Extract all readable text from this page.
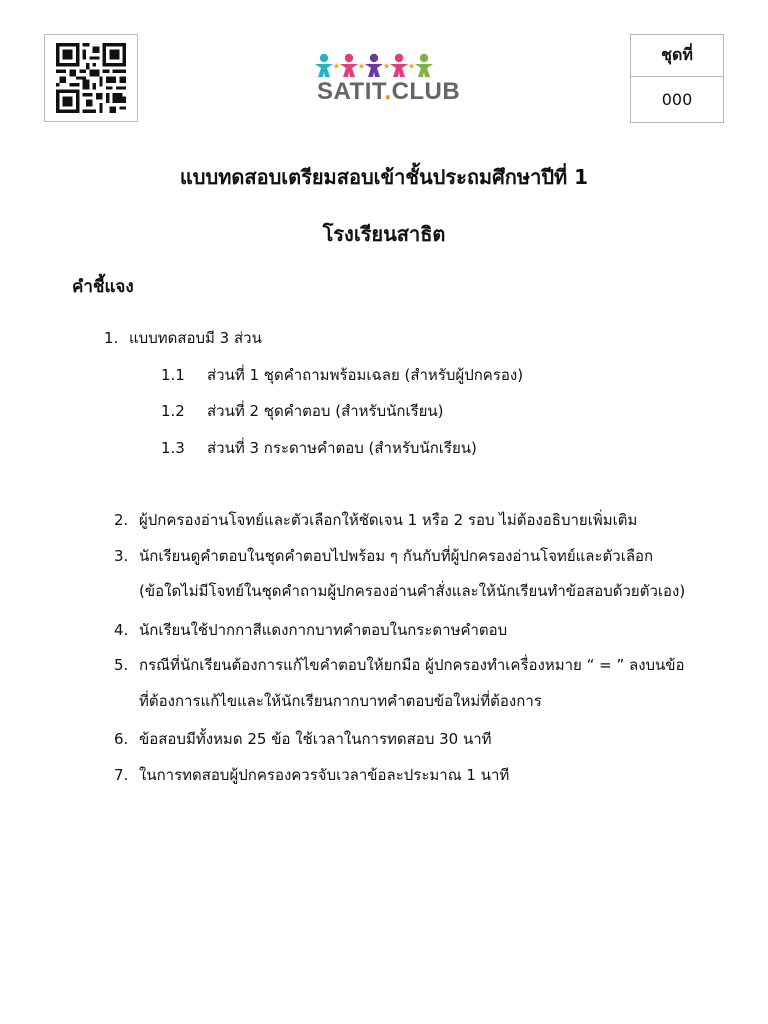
SATIT.CLUB
ชุดที่
000
แบบทดสอบเตรียมสอบเข้าชั้นประถมศึกษาปีที่ 1
โรงเรียนสาธิต
คำชี้แจง
1. แบบทดสอบมี 3 ส่วน
1.1 ส่วนที่ 1 ชุดคำถามพร้อมเฉลย (สำหรับผู้ปกครอง)
1.2 ส่วนที่ 2 ชุดคำตอบ (สำหรับนักเรียน)
1.3 ส่วนที่ 3 กระดาษคำตอบ (สำหรับนักเรียน)
2. ผู้ปกครองอ่านโจทย์และตัวเลือกให้ชัดเจน 1 หรือ 2 รอบ ไม่ต้องอธิบายเพิ่มเติม
3. นักเรียนดูคำตอบในชุดคำตอบไปพร้อม ๆ กันกับที่ผู้ปกครองอ่านโจทย์และตัวเลือก
(ข้อใดไม่มีโจทย์ในชุดคำถามผู้ปกครองอ่านคำสั่งและให้นักเรียนทำข้อสอบด้วยตัวเอง)
4. นักเรียนใช้ปากกาสีแดงกากบาทคำตอบในกระดาษคำตอบ
5. กรณีที่นักเรียนต้องการแก้ไขคำตอบให้ยกมือ ผู้ปกครองทำเครื่องหมาย “ = ” ลงบนข้อ
ที่ต้องการแก้ไขและให้นักเรียนกากบาทคำตอบข้อใหม่ที่ต้องการ
6. ข้อสอบมีทั้งหมด 25 ข้อ ใช้เวลาในการทดสอบ 30 นาที
7. ในการทดสอบผู้ปกครองควรจับเวลาข้อละประมาณ 1 นาที
